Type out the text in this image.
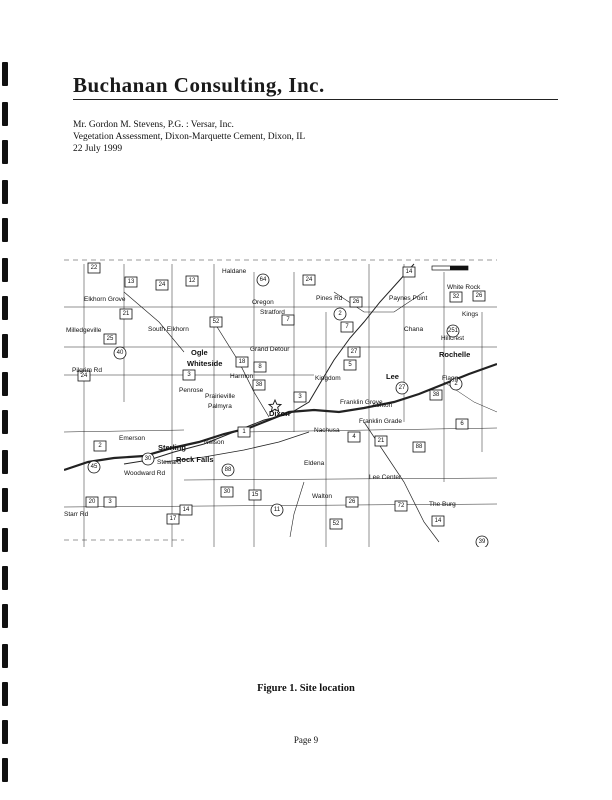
Buchanan Consulting, Inc.
Mr. Gordon M. Stevens, P.G. : Versar, Inc.
Vegetation Assessment, Dixon-Marquette Cement, Dixon, IL
22 July 1999
22
13	24
12	64	24
14
26
21
25
40
24	3
52
18
8
38
2
7
27
5
27
38
6
2
45	88
30
30	15
14
17
20 3
11
26
52
72
14
21
4
3
1
2
251
32
7
26
88
39
Haldane
Elkhorn Grove
South Elkhorn
Milledgeville
Pilgrim Rd
Penrose
Prairieville
Palmyra
Harmon
Grand Detour
Stratford
Kingdom
Franklin Grove
Nachusa
Ashton
Franklin Grade
Chana
Paynes Point
White Rock
Kings
Hillcrest
Rochelle
Flagg
Emerson
Sterling
Rock Falls	Eldena
Walton
Lee Center
The Burg
Woodward Rd
Steward
Nelson
Dixon
Oregon
Pines Rd
Starr Rd
Ogle
Whiteside
Lee
Figure 1. Site location
Page 9
